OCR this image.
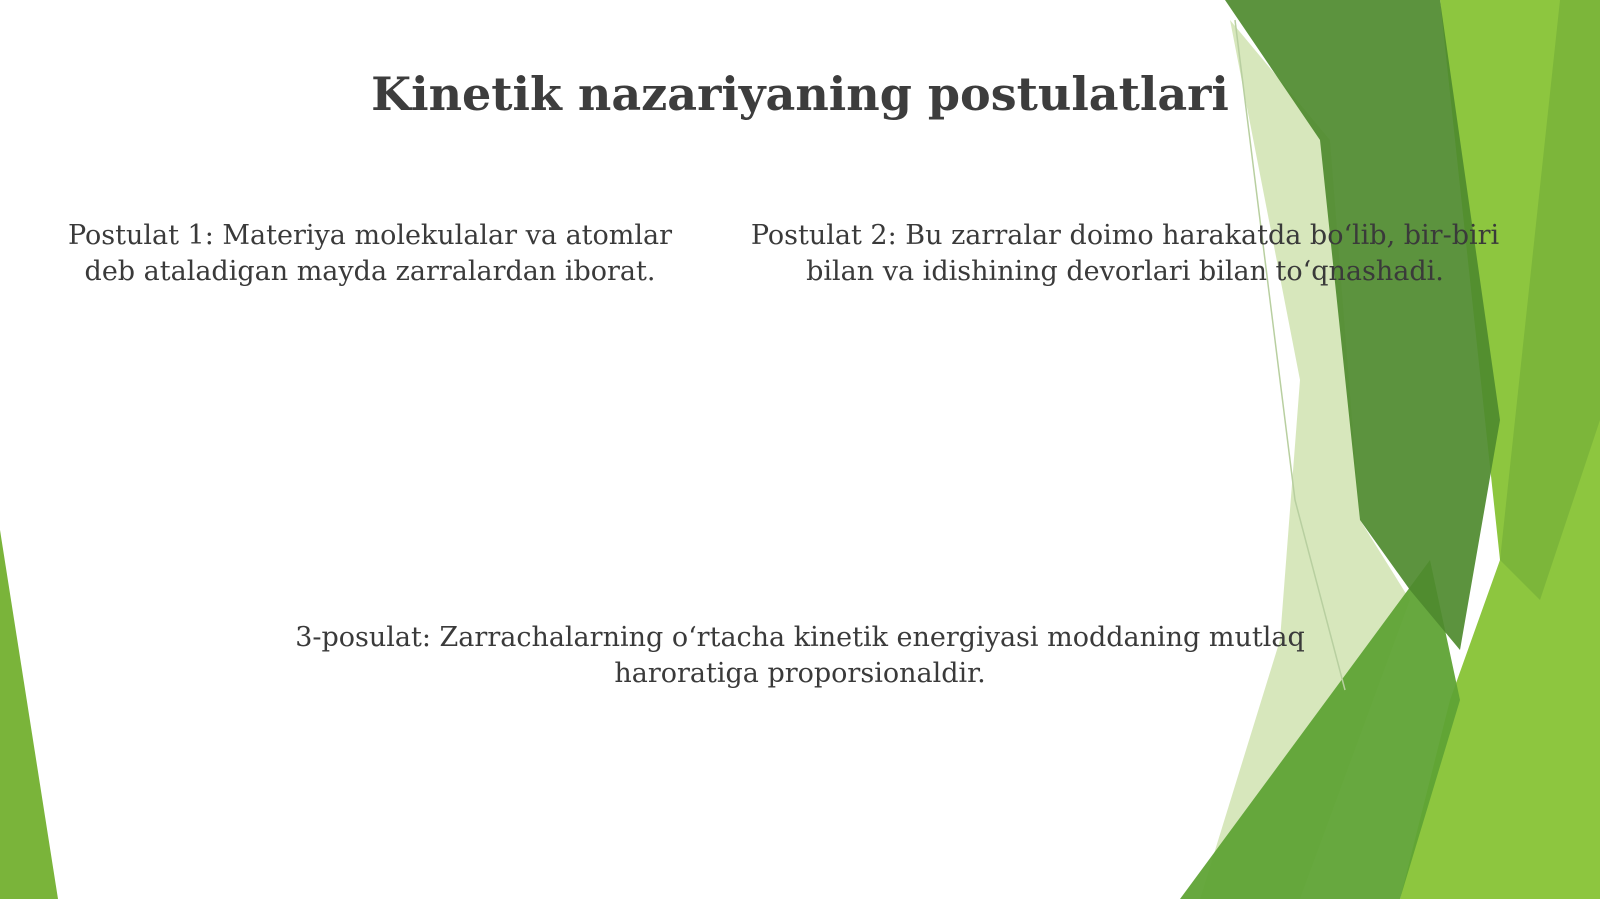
Kinetik nazariyaning postulatlari

Postulat 1: Materiya molekulalar va atomlar deb ataladigan mayda zarralardan iborat.

Postulat 2: Bu zarralar doimo harakatda bo‘lib, bir-biri bilan va idishining devorlari bilan to‘qnashadi.

3-posulat: Zarrachalarning o‘rtacha kinetik energiyasi moddaning mutlaq haroratiga proporsionaldir.
